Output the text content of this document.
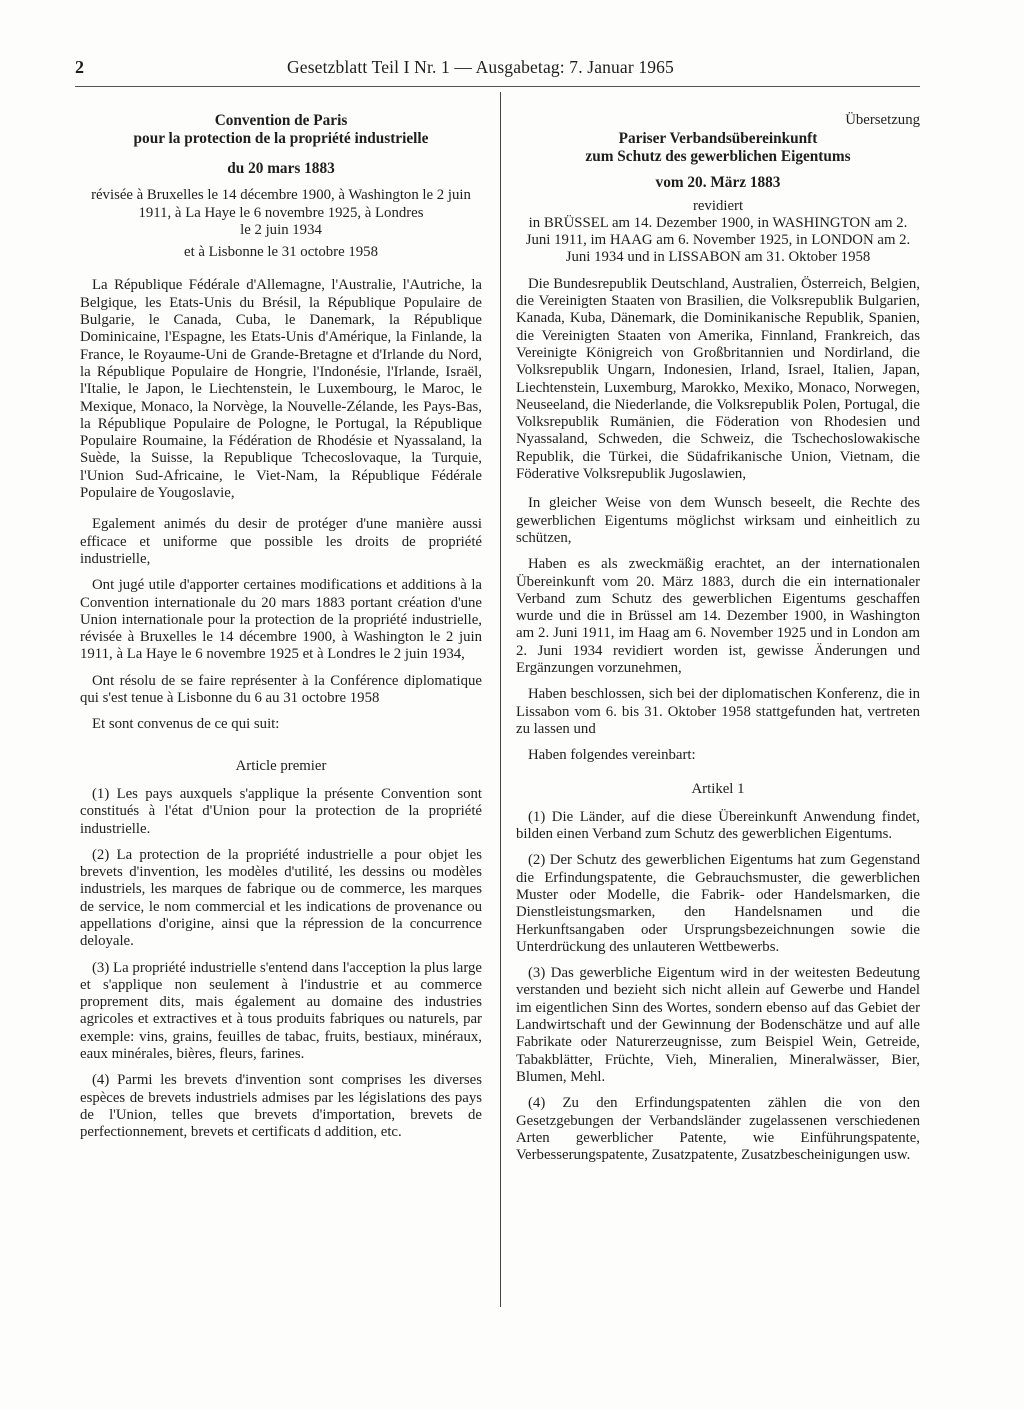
2	Gesetzblatt Teil I Nr. 1 — Ausgabetag: 7. Januar 1965

Convention de Paris

pour la protection de la propriété industrielle

du 20 mars 1883

révisée à Bruxelles le 14 décembre 1900, à Washington le 2 juin 1911, à La Haye le 6 novembre 1925, à Londres

le 2 juin 1934

et à Lisbonne le 31 octobre 1958

La République Fédérale d'Allemagne, l'Australie, l'Autriche, la Belgique, les Etats-Unis du Brésil, la République Populaire de Bulgarie, le Canada, Cuba, le Danemark, la République Dominicaine, l'Espagne, les Etats-Unis d'Amérique, la Finlande, la France, le Royaume-Uni de Grande-Bretagne et d'Irlande du Nord, la République Populaire de Hongrie, l'Indonésie, l'Irlande, Israël, l'Italie, le Japon, le Liechtenstein, le Luxembourg, le Maroc, le Mexique, Monaco, la Norvège, la Nouvelle-Zélande, les Pays-Bas, la République Populaire de Pologne, le Portugal, la République Populaire Roumaine, la Fédération de Rhodésie et Nyassaland, la Suède, la Suisse, la Republique Tchecoslovaque, la Turquie, l'Union Sud-Africaine, le Viet-Nam, la République Fédérale Populaire de Yougoslavie,

Egalement animés du desir de protéger d'une manière aussi efficace et uniforme que possible les droits de propriété industrielle,

Ont jugé utile d'apporter certaines modifications et additions à la Convention internationale du 20 mars 1883 portant création d'une Union internationale pour la protection de la propriété industrielle, révisée à Bruxelles le 14 décembre 1900, à Washington le 2 juin 1911, à La Haye le 6 novembre 1925 et à Londres le 2 juin 1934,

Ont résolu de se faire représenter à la Conférence diplomatique qui s'est tenue à Lisbonne du 6 au 31 octobre 1958

Et sont convenus de ce qui suit:

Article premier

(1) Les pays auxquels s'applique la présente Convention sont constitués à l'état d'Union pour la protection de la propriété industrielle.

(2) La protection de la propriété industrielle a pour objet les brevets d'invention, les modèles d'utilité, les dessins ou modèles industriels, les marques de fabrique ou de commerce, les marques de service, le nom commercial et les indications de provenance ou appellations d'origine, ainsi que la répression de la concurrence deloyale.

(3) La propriété industrielle s'entend dans l'acception la plus large et s'applique non seulement à l'industrie et au commerce proprement dits, mais également au domaine des industries agricoles et extractives et à tous produits fabriques ou naturels, par exemple: vins, grains, feuilles de tabac, fruits, bestiaux, minéraux, eaux minérales, bières, fleurs, farines.

(4) Parmi les brevets d'invention sont comprises les diverses espèces de brevets industriels admises par les législations des pays de l'Union, telles que brevets d'importation, brevets de perfectionnement, brevets et certificats d addition, etc.

Übersetzung

Pariser Verbandsübereinkunft

zum Schutz des gewerblichen Eigentums

vom 20. März 1883

revidiert

in BRÜSSEL am 14. Dezember 1900, in WASHINGTON am 2. Juni 1911, im HAAG am 6. November 1925, in LONDON am 2. Juni 1934 und in LISSABON am 31. Oktober 1958

Die Bundesrepublik Deutschland, Australien, Österreich, Belgien, die Vereinigten Staaten von Brasilien, die Volksrepublik Bulgarien, Kanada, Kuba, Dänemark, die Dominikanische Republik, Spanien, die Vereinigten Staaten von Amerika, Finnland, Frankreich, das Vereinigte Königreich von Großbritannien und Nordirland, die Volksrepublik Ungarn, Indonesien, Irland, Israel, Italien, Japan, Liechtenstein, Luxemburg, Marokko, Mexiko, Monaco, Norwegen, Neuseeland, die Niederlande, die Volksrepublik Polen, Portugal, die Volksrepublik Rumänien, die Föderation von Rhodesien und Nyassaland, Schweden, die Schweiz, die Tschechoslowakische Republik, die Türkei, die Südafrikanische Union, Vietnam, die Föderative Volksrepublik Jugoslawien,

In gleicher Weise von dem Wunsch beseelt, die Rechte des gewerblichen Eigentums möglichst wirksam und einheitlich zu schützen,

Haben es als zweckmäßig erachtet, an der internationalen Übereinkunft vom 20. März 1883, durch die ein internationaler Verband zum Schutz des gewerblichen Eigentums geschaffen wurde und die in Brüssel am 14. Dezember 1900, in Washington am 2. Juni 1911, im Haag am 6. November 1925 und in London am 2. Juni 1934 revidiert worden ist, gewisse Änderungen und Ergänzungen vorzunehmen,

Haben beschlossen, sich bei der diplomatischen Konferenz, die in Lissabon vom 6. bis 31. Oktober 1958 stattgefunden hat, vertreten zu lassen und

Haben folgendes vereinbart:

Artikel 1

(1) Die Länder, auf die diese Übereinkunft Anwendung findet, bilden einen Verband zum Schutz des gewerblichen Eigentums.

(2) Der Schutz des gewerblichen Eigentums hat zum Gegenstand die Erfindungspatente, die Gebrauchsmuster, die gewerblichen Muster oder Modelle, die Fabrik- oder Handelsmarken, die Dienstleistungsmarken, den Handelsnamen und die Herkunftsangaben oder Ursprungsbezeichnungen sowie die Unterdrückung des unlauteren Wettbewerbs.

(3) Das gewerbliche Eigentum wird in der weitesten Bedeutung verstanden und bezieht sich nicht allein auf Gewerbe und Handel im eigentlichen Sinn des Wortes, sondern ebenso auf das Gebiet der Landwirtschaft und der Gewinnung der Bodenschätze und auf alle Fabrikate oder Naturerzeugnisse, zum Beispiel Wein, Getreide, Tabakblätter, Früchte, Vieh, Mineralien, Mineralwässer, Bier, Blumen, Mehl.

(4) Zu den Erfindungspatenten zählen die von den Gesetzgebungen der Verbandsländer zugelassenen verschiedenen Arten gewerblicher Patente, wie Einführungspatente, Verbesserungspatente, Zusatzpatente, Zusatzbescheinigungen usw.
